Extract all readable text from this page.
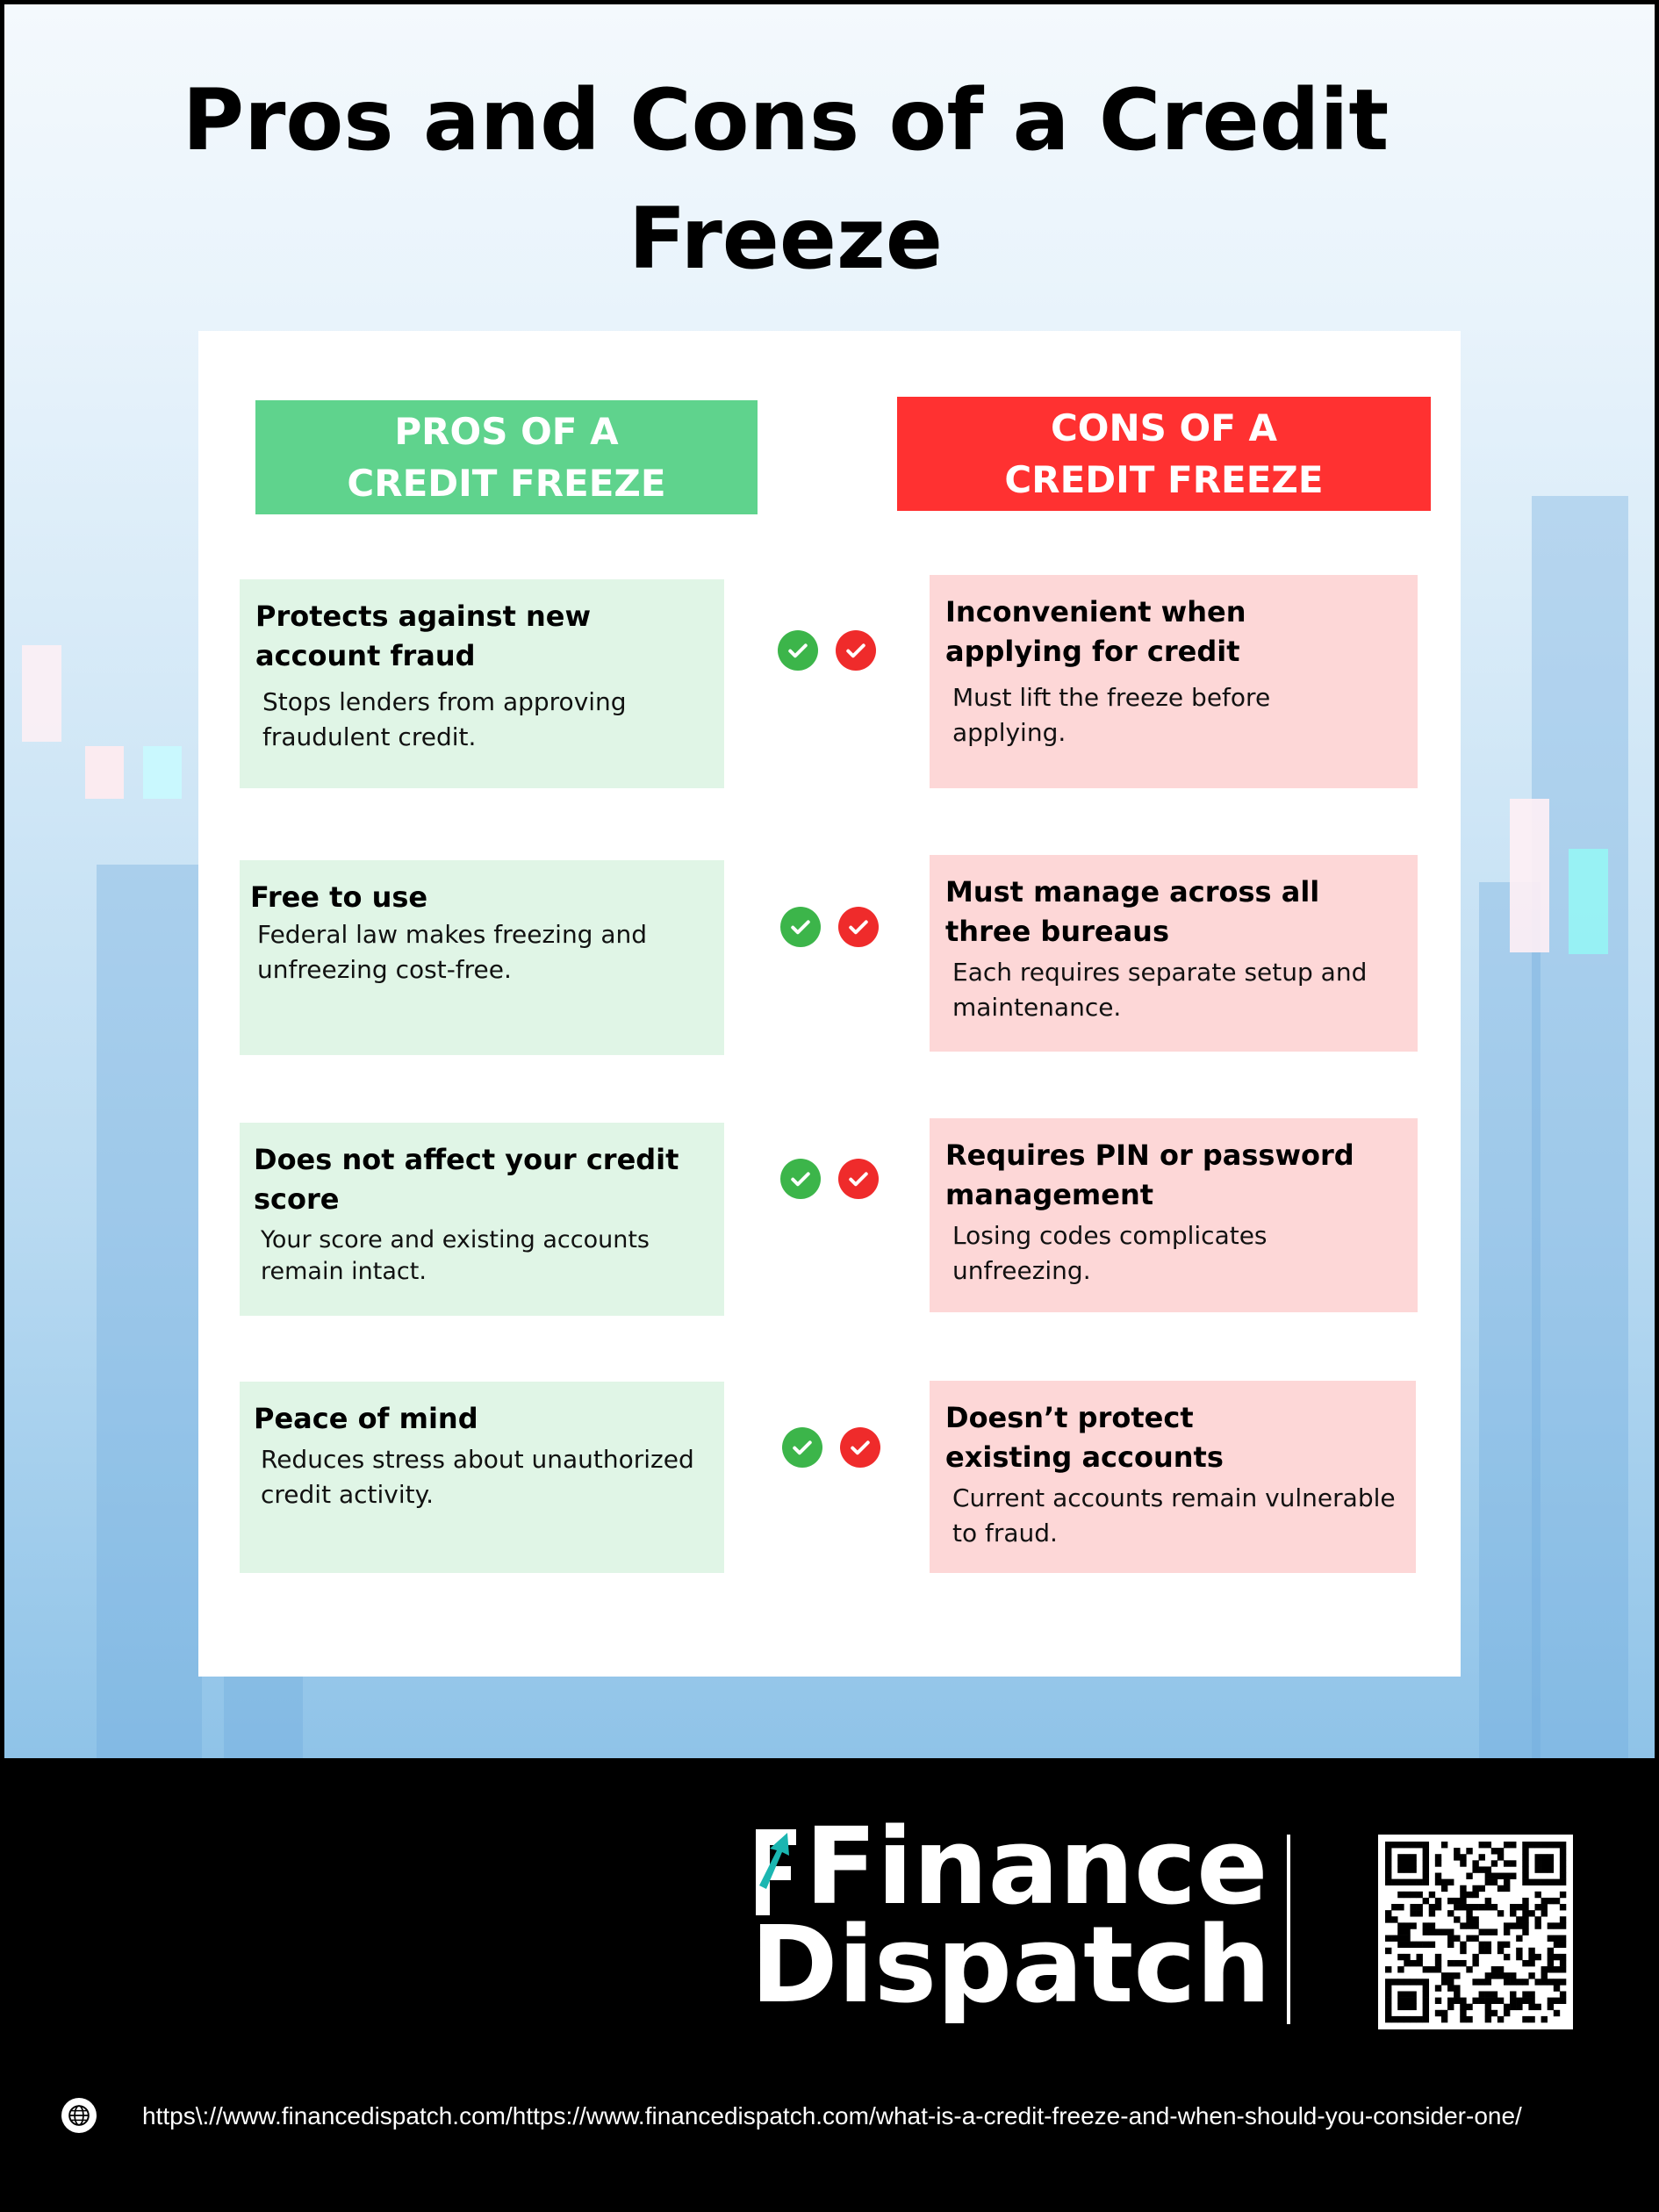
Pros and Cons of a Credit Freeze
PROS OF A CREDIT FREEZE
CONS OF A CREDIT FREEZE
Protects against new account fraud
Stops lenders from approving fraudulent credit.
Free to use
Federal law makes freezing and unfreezing cost-free.
Does not affect your credit score
Your score and existing accounts remain intact.
Peace of mind
Reduces stress about unauthorized credit activity.
Inconvenient when applying for credit
Must lift the freeze before applying.
Must manage across all three bureaus
Each requires separate setup and maintenance.
Requires PIN or password management
Losing codes complicates unfreezing.
Doesn’t protect existing accounts
Current accounts remain vulnerable to fraud.
Finance
Dispatch
https\://www.financedispatch.com/https://www.financedispatch.com/what-is-a-credit-freeze-and-when-should-you-consider-one/
